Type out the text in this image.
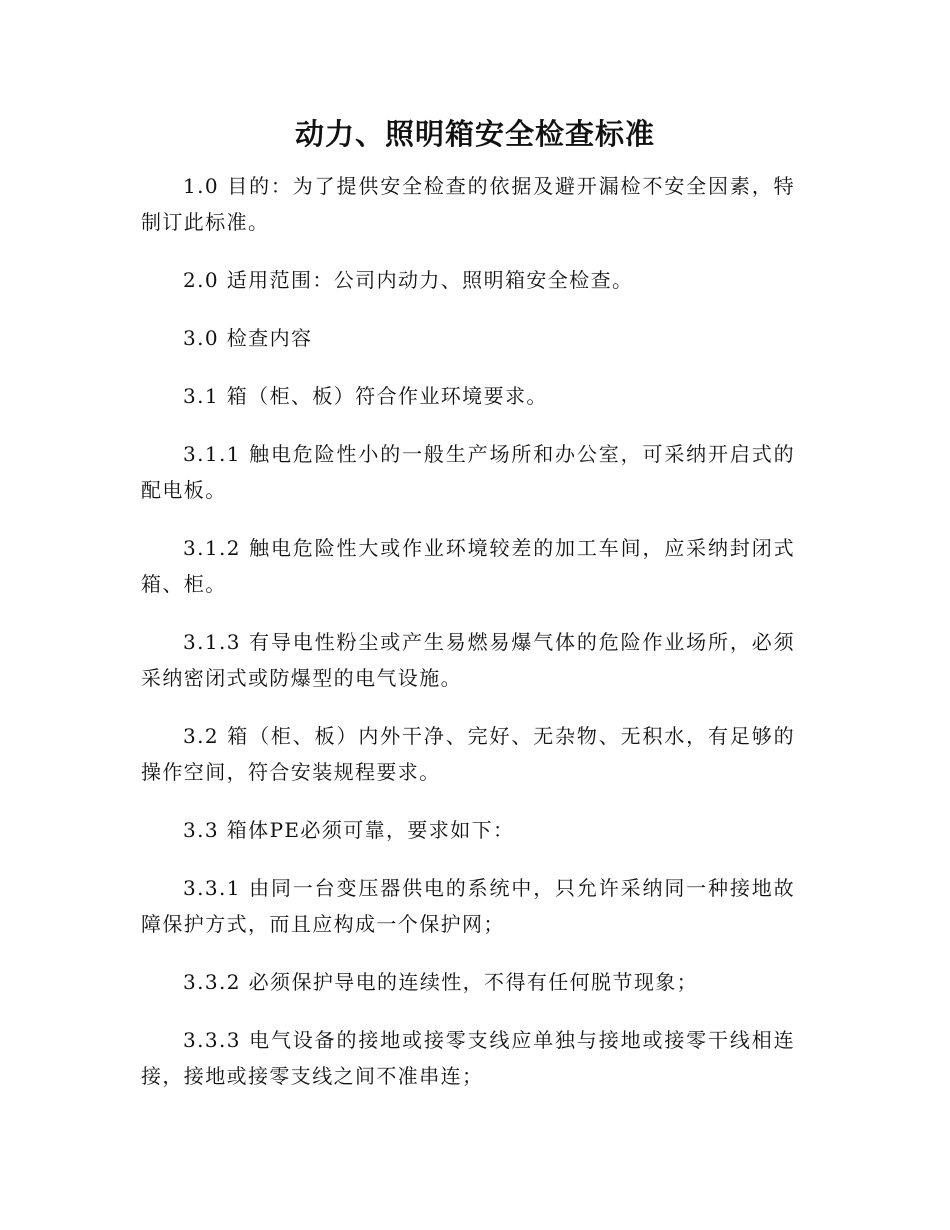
动力、照明箱安全检查标准

1.0 目的：为了提供安全检查的依据及避开漏检不安全因素，特制订此标准。

2.0 适用范围：公司内动力、照明箱安全检查。

3.0 检查内容

3.1 箱（柜、板）符合作业环境要求。

3.1.1 触电危险性小的一般生产场所和办公室，可采纳开启式的配电板。

3.1.2 触电危险性大或作业环境较差的加工车间，应采纳封闭式箱、柜。

3.1.3 有导电性粉尘或产生易燃易爆气体的危险作业场所，必须采纳密闭式或防爆型的电气设施。

3.2 箱（柜、板）内外干净、完好、无杂物、无积水，有足够的操作空间，符合安装规程要求。

3.3 箱体PE必须可靠，要求如下：

3.3.1 由同一台变压器供电的系统中，只允许采纳同一种接地故障保护方式，而且应构成一个保护网；

3.3.2 必须保护导电的连续性，不得有任何脱节现象；

3.3.3 电气设备的接地或接零支线应单独与接地或接零干线相连接，接地或接零支线之间不准串连；
